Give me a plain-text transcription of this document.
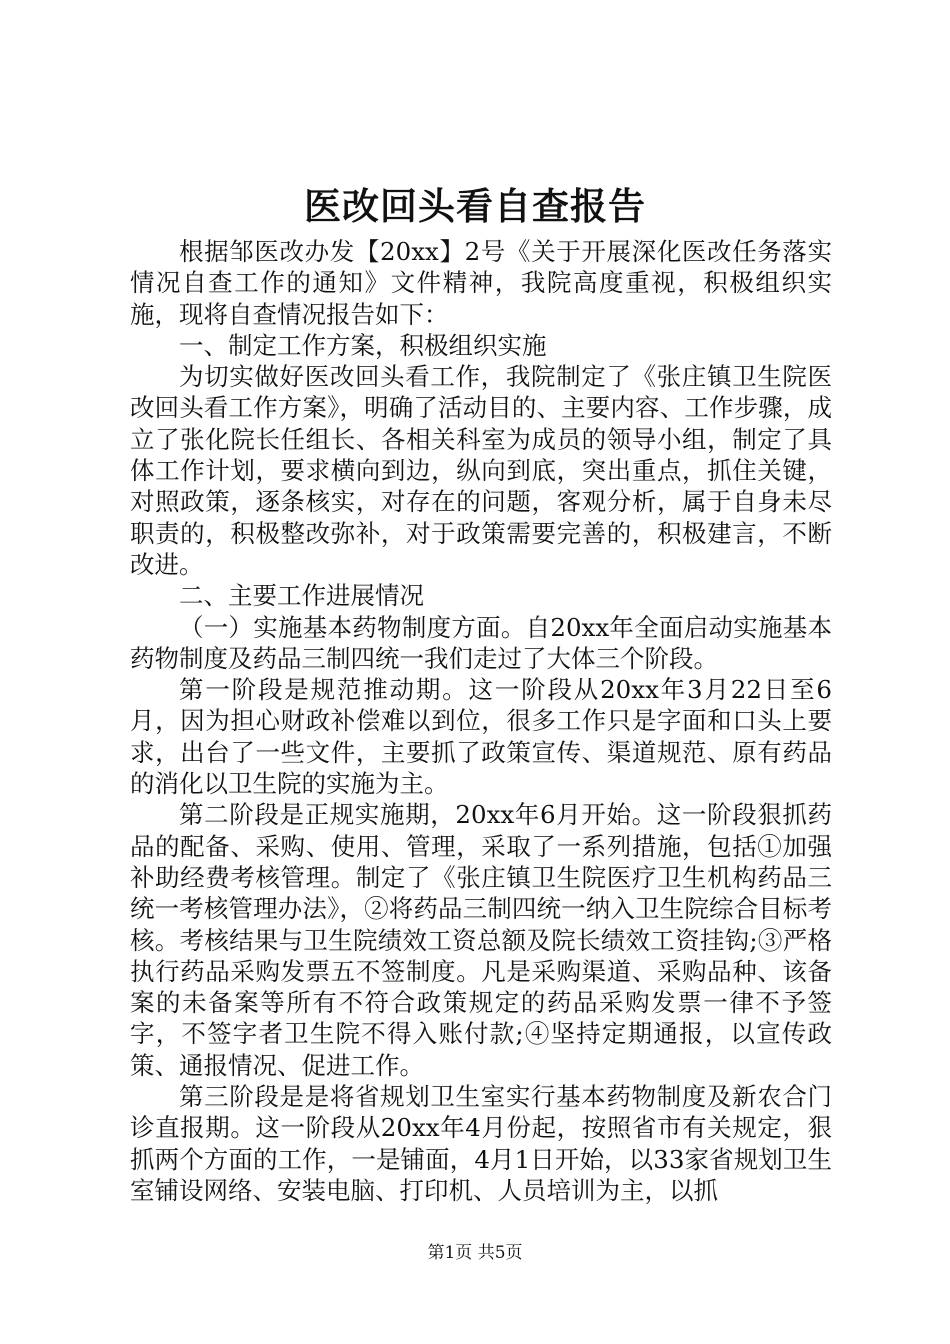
医改回头看自查报告

根据邹医改办发【20xx】2号《关于开展深化医改任务落实情况自查工作的通知》文件精神，我院高度重视，积极组织实施，现将自查情况报告如下：

一、制定工作方案，积极组织实施

为切实做好医改回头看工作，我院制定了《张庄镇卫生院医改回头看工作方案》，明确了活动目的、主要内容、工作步骤，成立了张化院长任组长、各相关科室为成员的领导小组，制定了具体工作计划，要求横向到边，纵向到底，突出重点，抓住关键，对照政策，逐条核实，对存在的问题，客观分析，属于自身未尽职责的，积极整改弥补，对于政策需要完善的，积极建言，不断改进。

二、主要工作进展情况

（一）实施基本药物制度方面。自20xx年全面启动实施基本药物制度及药品三制四统一我们走过了大体三个阶段。

第一阶段是规范推动期。这一阶段从20xx年3月22日至6月，因为担心财政补偿难以到位，很多工作只是字面和口头上要求，出台了一些文件，主要抓了政策宣传、渠道规范、原有药品的消化以卫生院的实施为主。

第二阶段是正规实施期，20xx年6月开始。这一阶段狠抓药品的配备、采购、使用、管理，采取了一系列措施，包括①加强补助经费考核管理。制定了《张庄镇卫生院医疗卫生机构药品三统一考核管理办法》，②将药品三制四统一纳入卫生院综合目标考核。考核结果与卫生院绩效工资总额及院长绩效工资挂钩;③严格执行药品采购发票五不签制度。凡是采购渠道、采购品种、该备案的未备案等所有不符合政策规定的药品采购发票一律不予签字，不签字者卫生院不得入账付款;④坚持定期通报，以宣传政策、通报情况、促进工作。

第三阶段是是将省规划卫生室实行基本药物制度及新农合门诊直报期。这一阶段从20xx年4月份起，按照省市有关规定，狠抓两个方面的工作，一是铺面，4月1日开始，以33家省规划卫生室铺设网络、安装电脑、打印机、人员培训为主，以抓

第1页 共5页
